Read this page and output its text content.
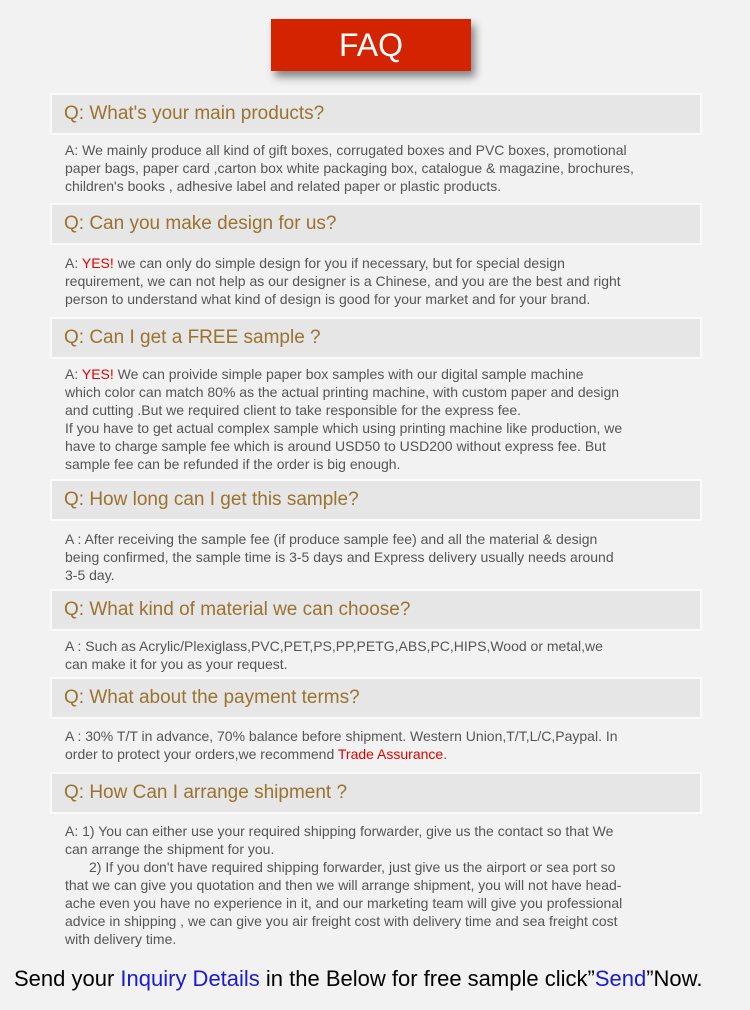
FAQ
Q: What's your main products?
A: We mainly produce all kind of gift boxes, corrugated boxes and PVC boxes, promotional
paper bags, paper card ,carton box white packaging box, catalogue & magazine, brochures,
children's books , adhesive label and related paper or plastic products.
Q: Can you make design for us?
A: YES! we can only do simple design for you if necessary, but for special design
requirement, we can not help as our designer is a Chinese, and you are the best and right
person to understand what kind of design is good for your market and for your brand.
Q: Can I get a FREE sample ?
A: YES! We can proivide simple paper box samples with our digital sample machine
which color can match 80% as the actual printing machine, with custom paper and design
and cutting .But we required client to take responsible for the express fee.
If you have to get actual complex sample which using printing machine like production, we
have to charge sample fee which is around USD50 to USD200 without express fee. But
sample fee can be refunded if the order is big enough.
Q: How long can I get this sample?
A : After receiving the sample fee (if produce sample fee) and all the material & design
being confirmed, the sample time is 3-5 days and Express delivery usually needs around
3-5 day.
Q: What kind of material we can choose?
A : Such as Acrylic/Plexiglass,PVC,PET,PS,PP,PETG,ABS,PC,HIPS,Wood or metal,we
can make it for you as your request.
Q: What about the payment terms?
A : 30% T/T in advance, 70% balance before shipment. Western Union,T/T,L/C,Paypal. In
order to protect your orders,we recommend Trade Assurance.
Q: How Can I arrange shipment ?
A: 1) You can either use your required shipping forwarder, give us the contact so that We
can arrange the shipment for you.
2) If you don't have required shipping forwarder, just give us the airport or sea port so
that we can give you quotation and then we will arrange shipment, you will not have head-
ache even you have no experience in it, and our marketing team will give you professional
advice in shipping , we can give you air freight cost with delivery time and sea freight cost
with delivery time.
Send your Inquiry Details in the Below for free sample click”Send”Now.
